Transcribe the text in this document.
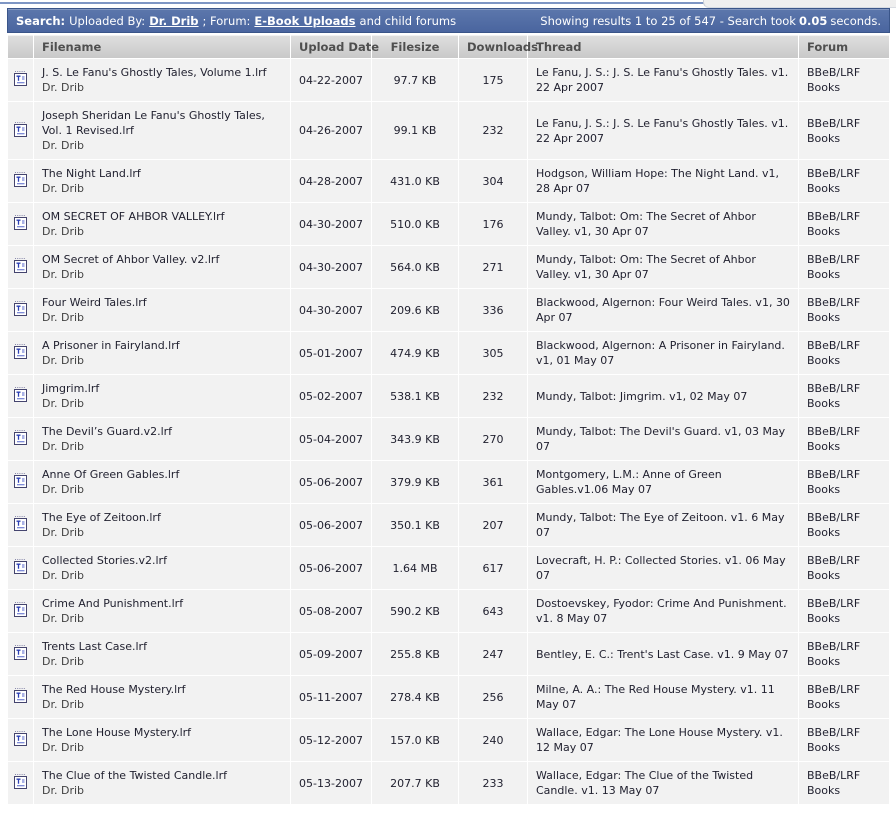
Search: Uploaded By: Dr. Drib ; Forum: E-Book Uploads and child forums	Showing results 1 to 25 of 547 - Search took 0.05 seconds.
	Filename	Upload Date	Filesize	Downloads	Thread	Forum

J. S. Le Fanu's Ghostly Tales, Volume 1.lrf
Dr. Drib	04-22-2007	97.7 KB	175	Le Fanu, J. S.: J. S. Le Fanu's Ghostly Tales. v1. 22 Apr 2007	BBeB/LRF Books

Joseph Sheridan Le Fanu's Ghostly Tales, Vol. 1 Revised.lrf
Dr. Drib	04-26-2007	99.1 KB	232	Le Fanu, J. S.: J. S. Le Fanu's Ghostly Tales. v1. 22 Apr 2007	BBeB/LRF Books

The Night Land.lrf
Dr. Drib	04-28-2007	431.0 KB	304	Hodgson, William Hope: The Night Land. v1, 28 Apr 07	BBeB/LRF Books

OM SECRET OF AHBOR VALLEY.lrf
Dr. Drib	04-30-2007	510.0 KB	176	Mundy, Talbot: Om: The Secret of Ahbor Valley. v1, 30 Apr 07	BBeB/LRF Books

OM Secret of Ahbor Valley. v2.lrf
Dr. Drib	04-30-2007	564.0 KB	271	Mundy, Talbot: Om: The Secret of Ahbor Valley. v1, 30 Apr 07	BBeB/LRF Books

Four Weird Tales.lrf
Dr. Drib	04-30-2007	209.6 KB	336	Blackwood, Algernon: Four Weird Tales. v1, 30 Apr 07	BBeB/LRF Books

A Prisoner in Fairyland.lrf
Dr. Drib	05-01-2007	474.9 KB	305	Blackwood, Algernon: A Prisoner in Fairyland. v1, 01 May 07	BBeB/LRF Books

Jimgrim.lrf
Dr. Drib	05-02-2007	538.1 KB	232	Mundy, Talbot: Jimgrim. v1, 02 May 07	BBeB/LRF Books

The Devil’s Guard.v2.lrf
Dr. Drib	05-04-2007	343.9 KB	270	Mundy, Talbot: The Devil's Guard. v1, 03 May 07	BBeB/LRF Books

Anne Of Green Gables.lrf
Dr. Drib	05-06-2007	379.9 KB	361	Montgomery, L.M.: Anne of Green Gables.v1.06 May 07	BBeB/LRF Books

The Eye of Zeitoon.lrf
Dr. Drib	05-06-2007	350.1 KB	207	Mundy, Talbot: The Eye of Zeitoon. v1. 6 May 07	BBeB/LRF Books

Collected Stories.v2.lrf
Dr. Drib	05-06-2007	1.64 MB	617	Lovecraft, H. P.: Collected Stories. v1. 06 May 07	BBeB/LRF Books

Crime And Punishment.lrf
Dr. Drib	05-08-2007	590.2 KB	643	Dostoevskey, Fyodor: Crime And Punishment. v1. 8 May 07	BBeB/LRF Books

Trents Last Case.lrf
Dr. Drib	05-09-2007	255.8 KB	247	Bentley, E. C.: Trent's Last Case. v1. 9 May 07	BBeB/LRF Books

The Red House Mystery.lrf
Dr. Drib	05-11-2007	278.4 KB	256	Milne, A. A.: The Red House Mystery. v1. 11 May 07	BBeB/LRF Books

The Lone House Mystery.lrf
Dr. Drib	05-12-2007	157.0 KB	240	Wallace, Edgar: The Lone House Mystery. v1. 12 May 07	BBeB/LRF Books

The Clue of the Twisted Candle.lrf
Dr. Drib	05-13-2007	207.7 KB	233	Wallace, Edgar: The Clue of the Twisted Candle. v1. 13 May 07	BBeB/LRF Books
